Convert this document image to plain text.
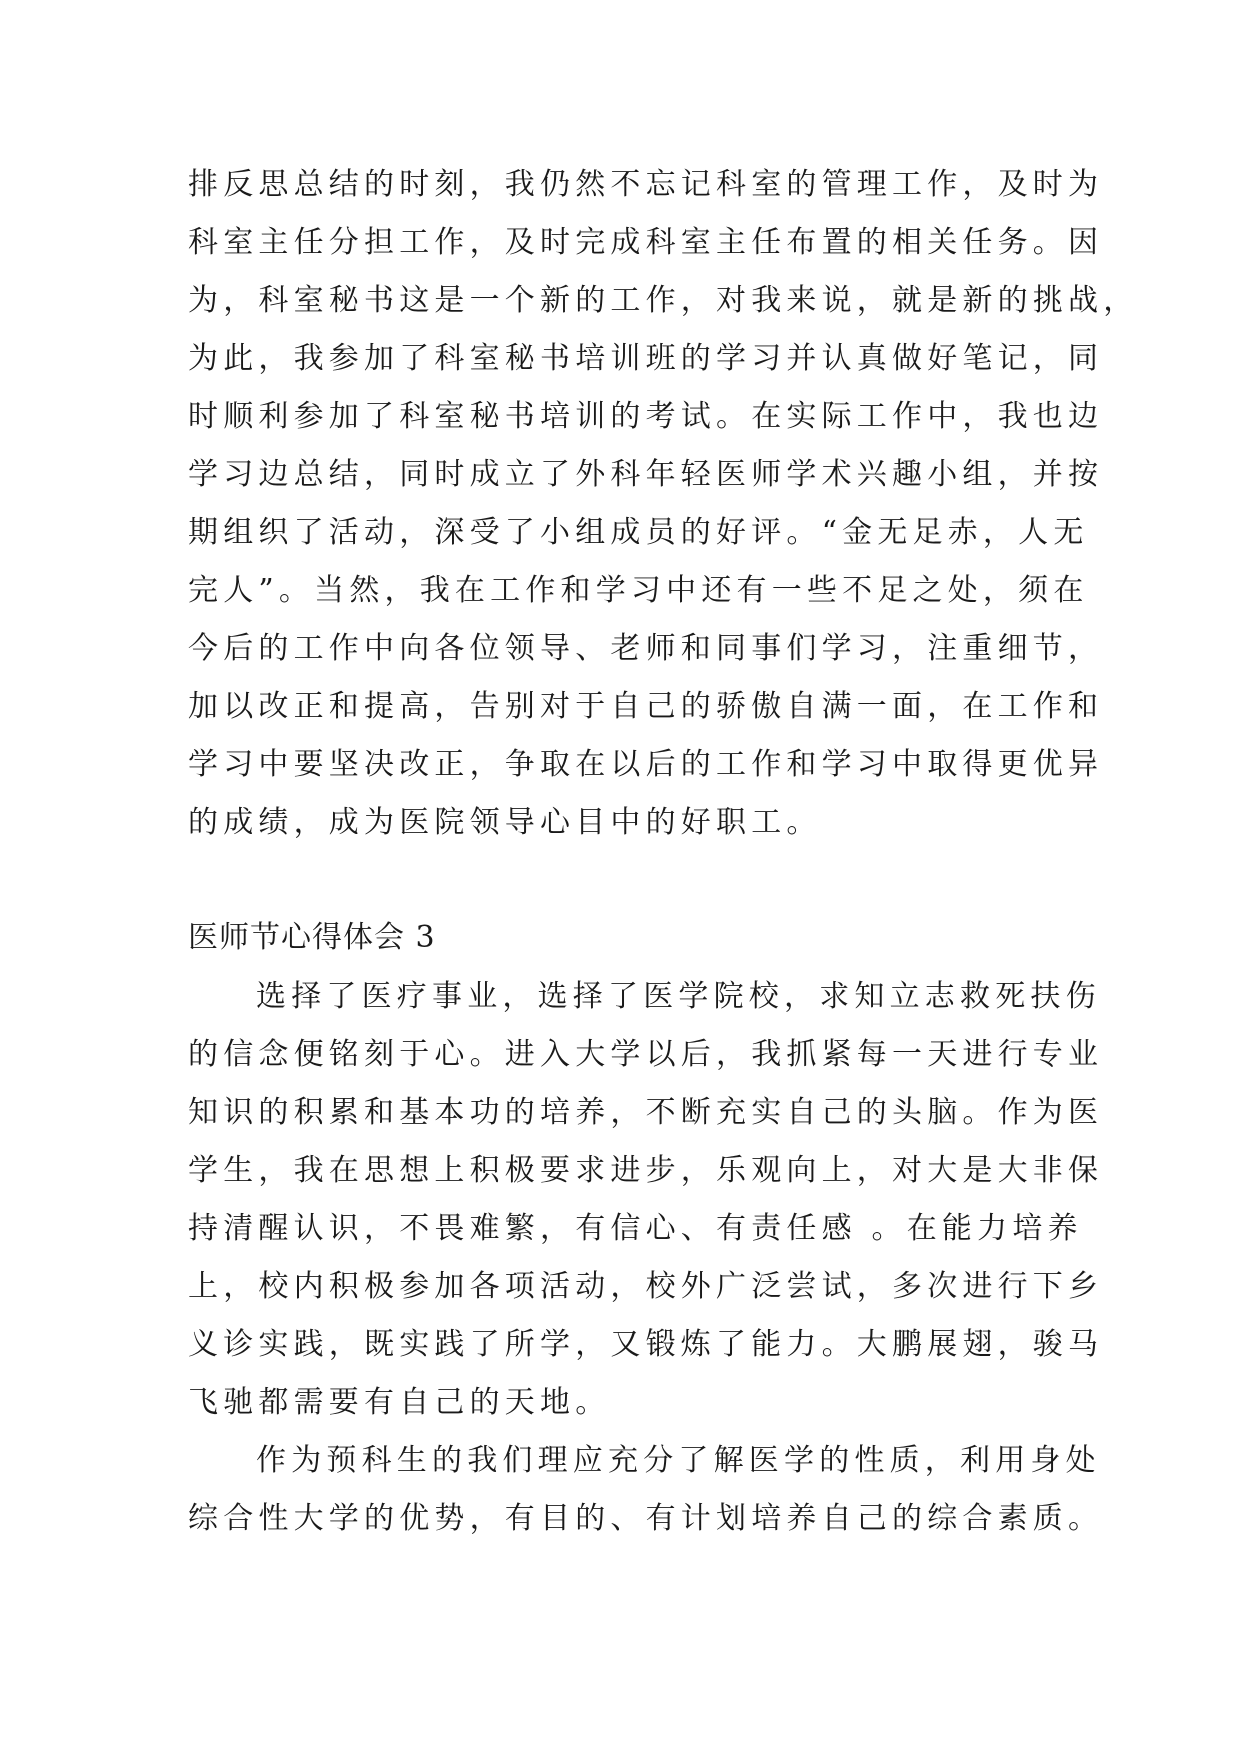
排反思总结的时刻，我仍然不忘记科室的管理工作，及时为
科室主任分担工作，及时完成科室主任布置的相关任务。因
为，科室秘书这是一个新的工作，对我来说，就是新的挑战，
为此，我参加了科室秘书培训班的学习并认真做好笔记，同
时顺利参加了科室秘书培训的考试。在实际工作中，我也边
学习边总结，同时成立了外科年轻医师学术兴趣小组，并按
期组织了活动，深受了小组成员的好评。“金无足赤，人无
完人”。当然，我在工作和学习中还有一些不足之处，须在
今后的工作中向各位领导、老师和同事们学习，注重细节，
加以改正和提高，告别对于自己的骄傲自满一面，在工作和
学习中要坚决改正，争取在以后的工作和学习中取得更优异
的成绩，成为医院领导心目中的好职工。
医师节心得体会 3
选择了医疗事业，选择了医学院校，求知立志救死扶伤
的信念便铭刻于心。进入大学以后，我抓紧每一天进行专业
知识的积累和基本功的培养，不断充实自己的头脑。作为医
学生，我在思想上积极要求进步，乐观向上，对大是大非保
持清醒认识，不畏难繁，有信心、有责任感 。在能力培养
上，校内积极参加各项活动，校外广泛尝试，多次进行下乡
义诊实践，既实践了所学，又锻炼了能力。大鹏展翅，骏马
飞驰都需要有自己的天地。
作为预科生的我们理应充分了解医学的性质，利用身处
综合性大学的优势，有目的、有计划培养自己的综合素质。
